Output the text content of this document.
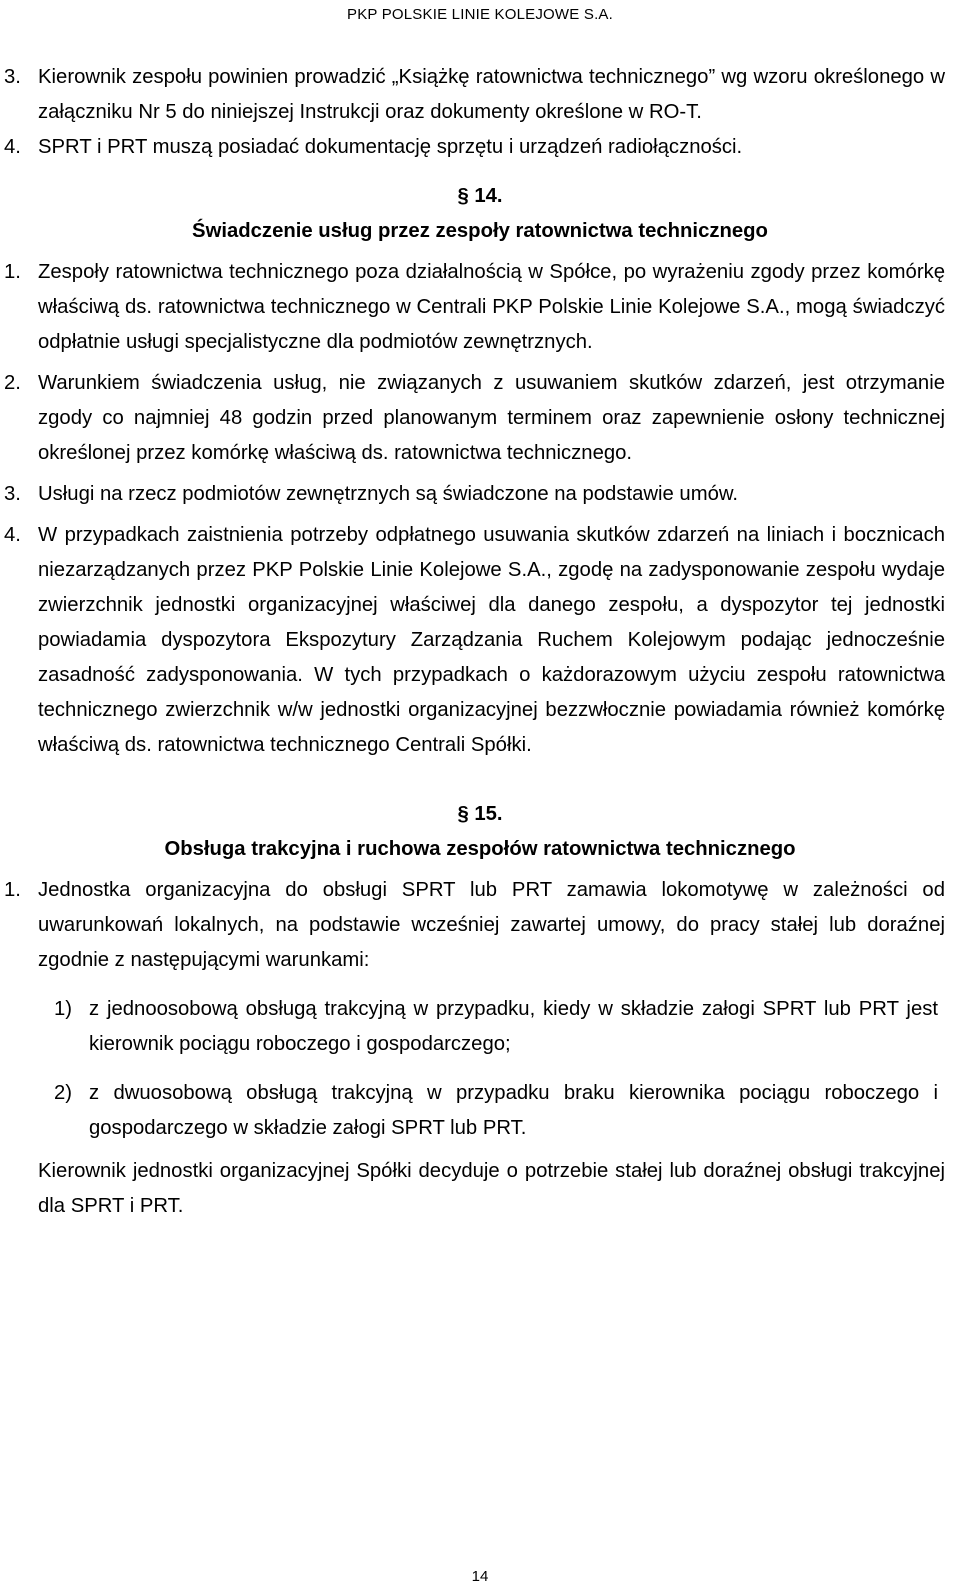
PKP POLSKIE LINIE KOLEJOWE S.A.
3. Kierownik zespołu powinien prowadzić „Książkę ratownictwa technicznego” wg wzoru określonego w załączniku Nr 5 do niniejszej Instrukcji oraz dokumenty określone w RO-T.
4. SPRT i PRT muszą posiadać dokumentację sprzętu i urządzeń radiołączności.
§ 14.
Świadczenie usług przez zespoły ratownictwa technicznego
1. Zespoły ratownictwa technicznego poza działalnością w Spółce, po wyrażeniu zgody przez komórkę właściwą ds. ratownictwa technicznego w Centrali PKP Polskie Linie Kolejowe S.A., mogą świadczyć odpłatnie usługi specjalistyczne dla podmiotów zewnętrznych.
2. Warunkiem świadczenia usług, nie związanych z usuwaniem skutków zdarzeń, jest otrzymanie zgody co najmniej 48 godzin przed planowanym terminem oraz zapewnienie osłony technicznej określonej przez komórkę właściwą ds. ratownictwa technicznego.
3. Usługi na rzecz podmiotów zewnętrznych są świadczone na podstawie umów.
4. W przypadkach zaistnienia potrzeby odpłatnego usuwania skutków zdarzeń na liniach i bocznicach niezarządzanych przez PKP Polskie Linie Kolejowe S.A., zgodę na zadysponowanie zespołu wydaje zwierzchnik jednostki organizacyjnej właściwej dla danego zespołu, a dyspozytor tej jednostki powiadamia dyspozytora Ekspozytury Zarządzania Ruchem Kolejowym podając jednocześnie zasadność zadysponowania. W tych przypadkach o każdorazowym użyciu zespołu ratownictwa technicznego zwierzchnik w/w jednostki organizacyjnej bezzwłocznie powiadamia również komórkę właściwą ds. ratownictwa technicznego Centrali Spółki.
§ 15.
Obsługa trakcyjna i ruchowa zespołów ratownictwa technicznego
1. Jednostka organizacyjna do obsługi SPRT lub PRT zamawia lokomotywę w zależności od uwarunkowań lokalnych, na podstawie wcześniej zawartej umowy, do pracy stałej lub doraźnej zgodnie z następującymi warunkami:
1) z jednoosobową obsługą trakcyjną w przypadku, kiedy w składzie załogi SPRT lub PRT jest kierownik pociągu roboczego i gospodarczego;
2) z dwuosobową obsługą trakcyjną w przypadku braku kierownika pociągu roboczego i gospodarczego w składzie załogi SPRT lub PRT.
Kierownik jednostki organizacyjnej Spółki decyduje o potrzebie stałej lub doraźnej obsługi trakcyjnej dla SPRT i PRT.
14
